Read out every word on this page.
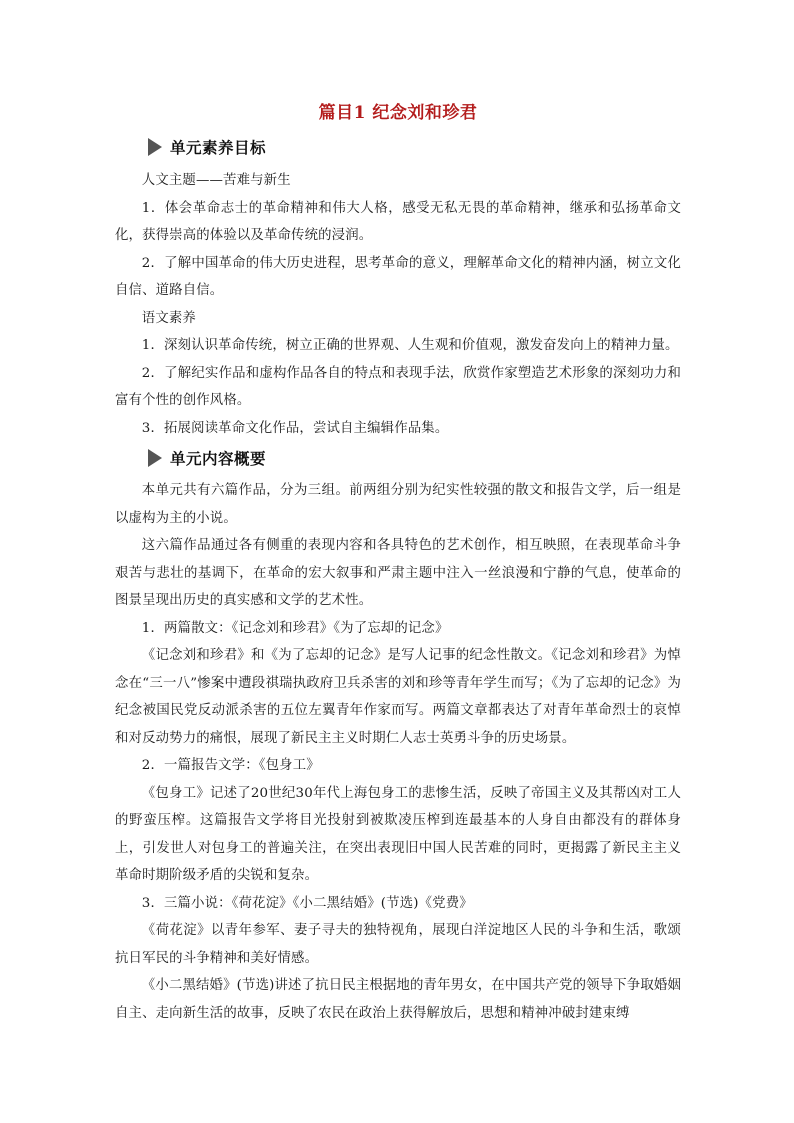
篇目1 纪念刘和珍君
单元素养目标

人文主题——苦难与新生

1．体会革命志士的革命精神和伟大人格，感受无私无畏的革命精神，继承和弘扬革命文化，获得崇高的体验以及革命传统的浸润。

2．了解中国革命的伟大历史进程，思考革命的意义，理解革命文化的精神内涵，树立文化自信、道路自信。

语文素养

1．深刻认识革命传统，树立正确的世界观、人生观和价值观，激发奋发向上的精神力量。

2．了解纪实作品和虚构作品各自的特点和表现手法，欣赏作家塑造艺术形象的深刻功力和富有个性的创作风格。

3．拓展阅读革命文化作品，尝试自主编辑作品集。

单元内容概要

本单元共有六篇作品，分为三组。前两组分别为纪实性较强的散文和报告文学，后一组是以虚构为主的小说。

这六篇作品通过各有侧重的表现内容和各具特色的艺术创作，相互映照，在表现革命斗争艰苦与悲壮的基调下，在革命的宏大叙事和严肃主题中注入一丝浪漫和宁静的气息，使革命的图景呈现出历史的真实感和文学的艺术性。

1．两篇散文：《记念刘和珍君》《为了忘却的记念》

《记念刘和珍君》和《为了忘却的记念》是写人记事的纪念性散文。《记念刘和珍君》为悼念在“三一八”惨案中遭段祺瑞执政府卫兵杀害的刘和珍等青年学生而写；《为了忘却的记念》为纪念被国民党反动派杀害的五位左翼青年作家而写。两篇文章都表达了对青年革命烈士的哀悼和对反动势力的痛恨，展现了新民主主义时期仁人志士英勇斗争的历史场景。

2．一篇报告文学：《包身工》

《包身工》记述了20世纪30年代上海包身工的悲惨生活，反映了帝国主义及其帮凶对工人的野蛮压榨。这篇报告文学将目光投射到被欺凌压榨到连最基本的人身自由都没有的群体身上，引发世人对包身工的普遍关注，在突出表现旧中国人民苦难的同时，更揭露了新民主主义革命时期阶级矛盾的尖锐和复杂。

3．三篇小说：《荷花淀》《小二黑结婚》(节选)《党费》

《荷花淀》以青年参军、妻子寻夫的独特视角，展现白洋淀地区人民的斗争和生活，歌颂抗日军民的斗争精神和美好情感。

《小二黑结婚》(节选)讲述了抗日民主根据地的青年男女，在中国共产党的领导下争取婚姻自主、走向新生活的故事，反映了农民在政治上获得解放后，思想和精神冲破封建束缚
